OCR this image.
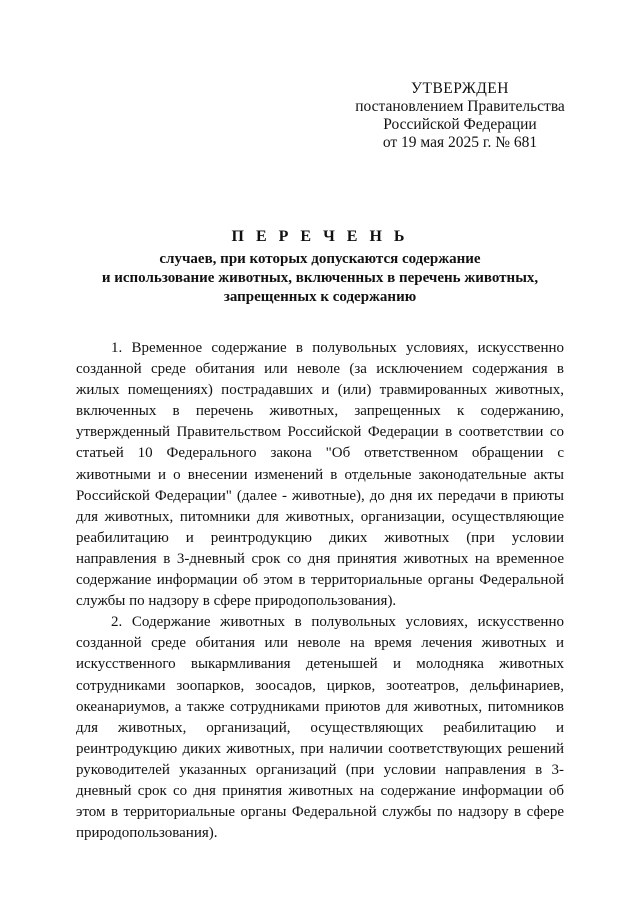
УТВЕРЖДЕН
постановлением Правительства
Российской Федерации
от 19 мая 2025 г. № 681
П Е Р Е Ч Е Н Ь
случаев, при которых допускаются содержание
и использование животных, включенных в перечень животных,
запрещенных к содержанию

1. Временное содержание в полувольных условиях, искусственно созданной среде обитания или неволе (за исключением содержания в жилых помещениях) пострадавших и (или) травмированных животных, включенных в перечень животных, запрещенных к содержанию, утвержденный Правительством Российской Федерации в соответствии со статьей 10 Федерального закона "Об ответственном обращении с животными и о внесении изменений в отдельные законодательные акты Российской Федерации" (далее - животные), до дня их передачи в приюты для животных, питомники для животных, организации, осуществляющие реабилитацию и реинтродукцию диких животных (при условии направления в 3-дневный срок со дня принятия животных на временное содержание информации об этом в территориальные органы Федеральной службы по надзору в сфере природопользования).

2. Содержание животных в полувольных условиях, искусственно созданной среде обитания или неволе на время лечения животных и искусственного выкармливания детенышей и молодняка животных сотрудниками зоопарков, зоосадов, цирков, зоотеатров, дельфинариев, океанариумов, а также сотрудниками приютов для животных, питомников для животных, организаций, осуществляющих реабилитацию и реинтродукцию диких животных, при наличии соответствующих решений руководителей указанных организаций (при условии направления в 3-дневный срок со дня принятия животных на содержание информации об этом в территориальные органы Федеральной службы по надзору в сфере природопользования).
